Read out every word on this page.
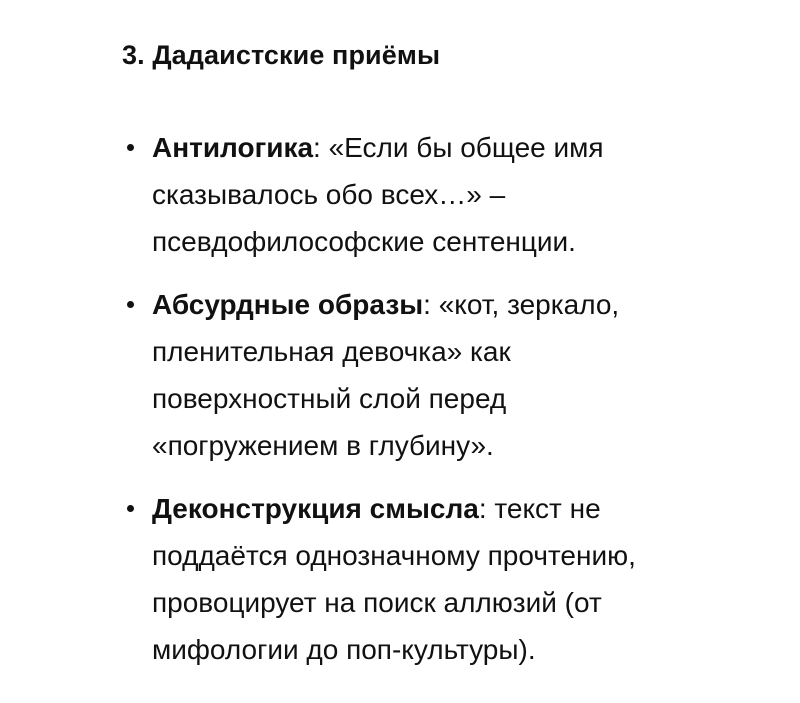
3. Дадаистские приёмы
Антилогика: «Если бы общее имя
сказывалось обо всех…» –
псевдофилософские сентенции.
Абсурдные образы: «кот, зеркало,
пленительная девочка» как
поверхностный слой перед
«погружением в глубину».
Деконструкция смысла: текст не
поддаётся однозначному прочтению,
провоцирует на поиск аллюзий (от
мифологии до поп-культуры).
